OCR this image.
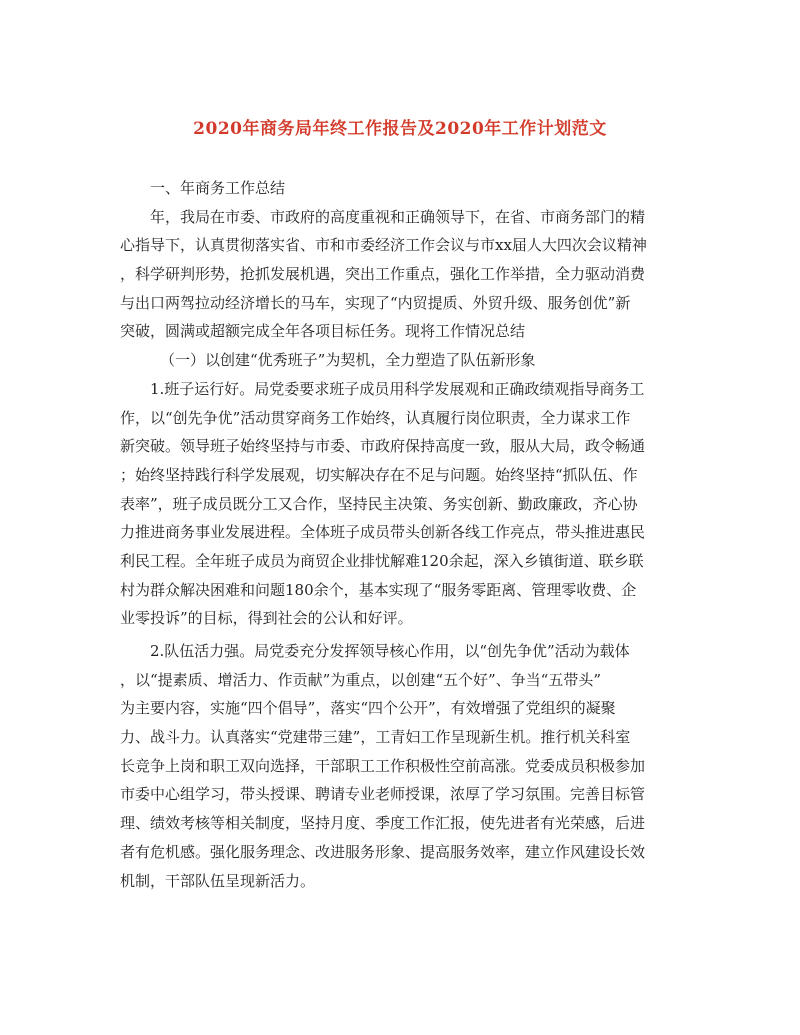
2020年商务局年终工作报告及2020年工作计划范文
一、年商务工作总结
年，我局在市委、市政府的高度重视和正确领导下，在省、市商务部门的精
心指导下，认真贯彻落实省、市和市委经济工作会议与市xx届人大四次会议精神
，科学研判形势，抢抓发展机遇，突出工作重点，强化工作举措，全力驱动消费
与出口两驾拉动经济增长的马车，实现了“内贸提质、外贸升级、服务创优”新
突破，圆满或超额完成全年各项目标任务。现将工作情况总结
（一）以创建“优秀班子”为契机，全力塑造了队伍新形象
1.班子运行好。局党委要求班子成员用科学发展观和正确政绩观指导商务工
作，以“创先争优”活动贯穿商务工作始终，认真履行岗位职责，全力谋求工作
新突破。领导班子始终坚持与市委、市政府保持高度一致，服从大局，政令畅通
；始终坚持践行科学发展观，切实解决存在不足与问题。始终坚持“抓队伍、作
表率”，班子成员既分工又合作，坚持民主决策、务实创新、勤政廉政，齐心协
力推进商务事业发展进程。全体班子成员带头创新各线工作亮点，带头推进惠民
利民工程。全年班子成员为商贸企业排忧解难120余起，深入乡镇街道、联乡联
村为群众解决困难和问题180余个，基本实现了“服务零距离、管理零收费、企
业零投诉”的目标，得到社会的公认和好评。
2.队伍活力强。局党委充分发挥领导核心作用，以“创先争优”活动为载体
，以“提素质、增活力、作贡献”为重点，以创建“五个好”、争当“五带头”
为主要内容，实施“四个倡导”，落实“四个公开”，有效增强了党组织的凝聚
力、战斗力。认真落实“党建带三建”，工青妇工作呈现新生机。推行机关科室
长竞争上岗和职工双向选择，干部职工工作积极性空前高涨。党委成员积极参加
市委中心组学习，带头授课、聘请专业老师授课，浓厚了学习氛围。完善目标管
理、绩效考核等相关制度，坚持月度、季度工作汇报，使先进者有光荣感，后进
者有危机感。强化服务理念、改进服务形象、提高服务效率，建立作风建设长效
机制，干部队伍呈现新活力。
